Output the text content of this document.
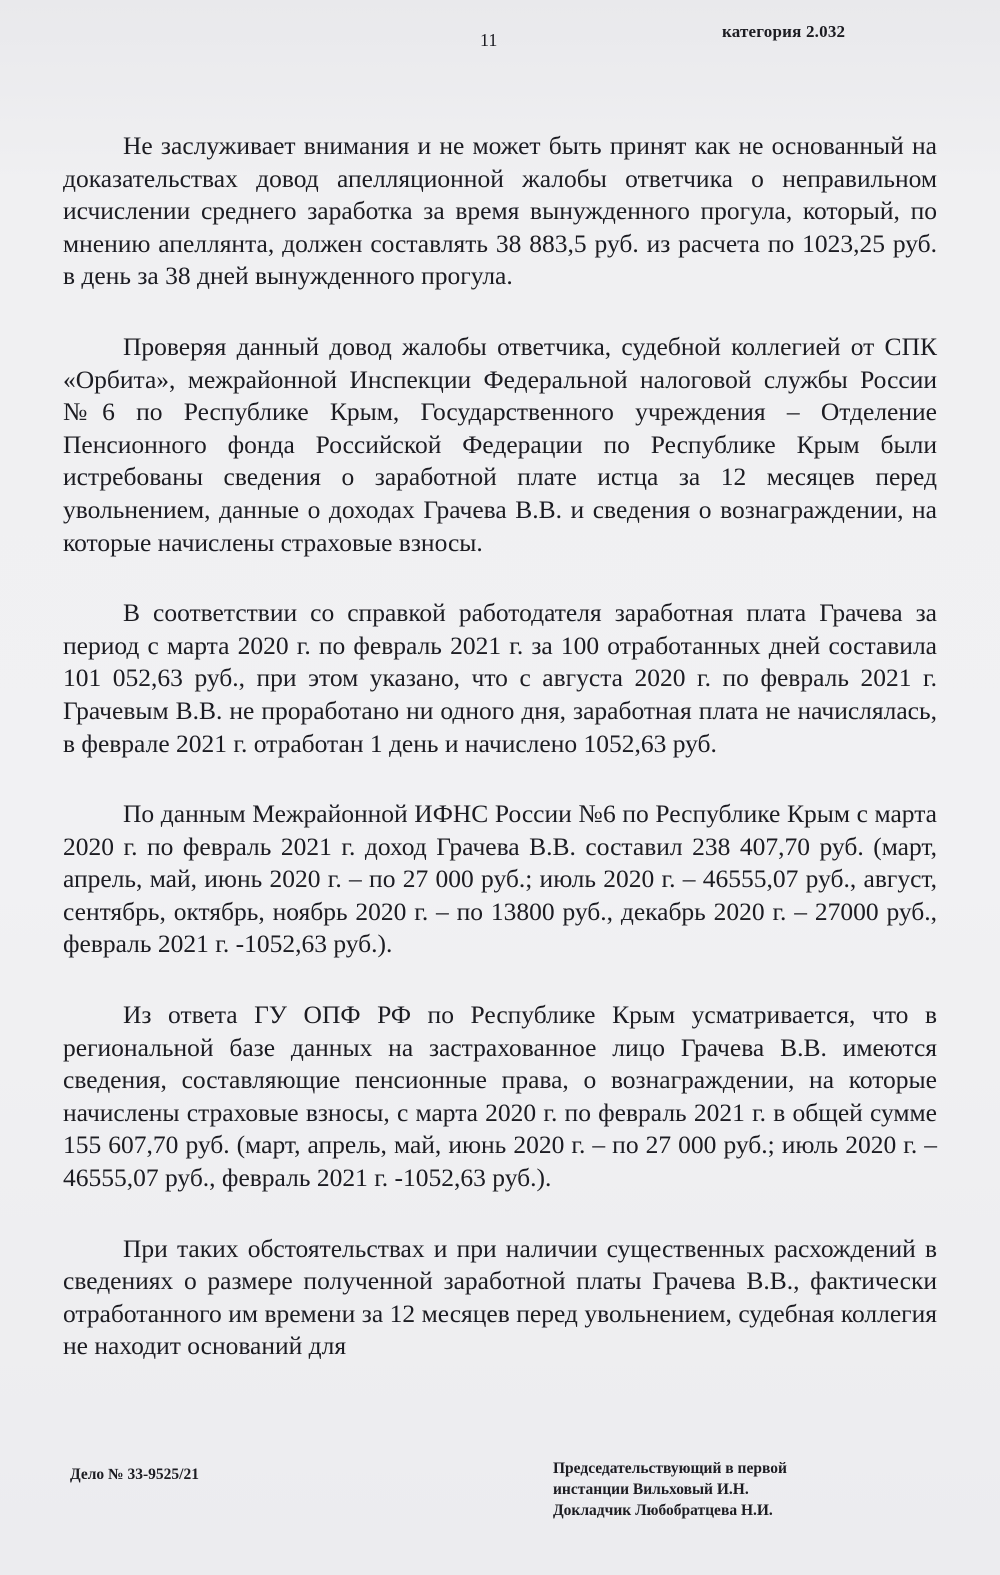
11	категория 2.032

Не заслуживает внимания и не может быть принят как не основанный на доказательствах довод апелляционной жалобы ответчика о неправильном исчислении среднего заработка за время вынужденного прогула, который, по мнению апеллянта, должен составлять 38 883,5 руб. из расчета по 1023,25 руб. в день за 38 дней вынужденного прогула.

Проверяя данный довод жалобы ответчика, судебной коллегией от СПК «Орбита», межрайонной Инспекции Федеральной налоговой службы России №6 по Республике Крым, Государственного учреждения – Отделение Пенсионного фонда Российской Федерации по Республике Крым были истребованы сведения о заработной плате истца за 12 месяцев перед увольнением, данные о доходах Грачева В.В. и сведения о вознаграждении, на которые начислены страховые взносы.

В соответствии со справкой работодателя заработная плата Грачева за период с марта 2020 г. по февраль 2021 г. за 100 отработанных дней составила 101 052,63 руб., при этом указано, что с августа 2020 г. по февраль 2021 г. Грачевым В.В. не проработано ни одного дня, заработная плата не начислялась, в феврале 2021 г. отработан 1 день и начислено 1052,63 руб.

По данным Межрайонной ИФНС России №6 по Республике Крым с марта 2020 г. по февраль 2021 г. доход Грачева В.В. составил 238 407,70 руб. (март, апрель, май, июнь 2020 г. – по 27 000 руб.; июль 2020 г. – 46555,07 руб., август, сентябрь, октябрь, ноябрь 2020 г. – по 13800 руб., декабрь 2020 г. – 27000 руб., февраль 2021 г. -1052,63 руб.).

Из ответа ГУ ОПФ РФ по Республике Крым усматривается, что в региональной базе данных на застрахованное лицо Грачева В.В. имеются сведения, составляющие пенсионные права, о вознаграждении, на которые начислены страховые взносы, с марта 2020 г. по февраль 2021 г. в общей сумме 155 607,70 руб. (март, апрель, май, июнь 2020 г. – по 27 000 руб.; июль 2020 г. – 46555,07 руб., февраль 2021 г. -1052,63 руб.).

При таких обстоятельствах и при наличии существенных расхождений в сведениях о размере полученной заработной платы Грачева В.В., фактически отработанного им времени за 12 месяцев перед увольнением, судебная коллегия не находит оснований для

Дело № 33-9525/21	Председательствующий в первой инстанции Вильховый И.Н.
Докладчик Любобратцева Н.И.
